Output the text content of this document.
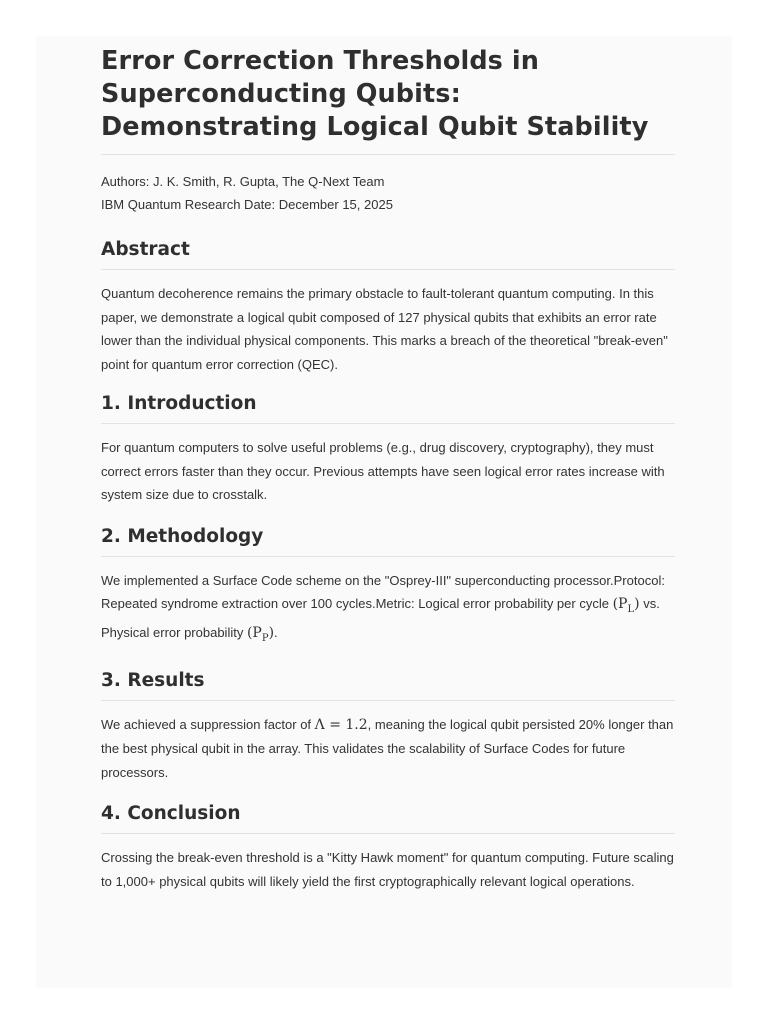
Error Correction Thresholds in Superconducting Qubits: Demonstrating Logical Qubit Stability
Authors: J. K. Smith, R. Gupta, The Q-Next Team
IBM Quantum Research Date: December 15, 2025
Abstract

Quantum decoherence remains the primary obstacle to fault-tolerant quantum computing. In this paper, we demonstrate a logical qubit composed of 127 physical qubits that exhibits an error rate lower than the individual physical components. This marks a breach of the theoretical "break-even" point for quantum error correction (QEC).

1. Introduction

For quantum computers to solve useful problems (e.g., drug discovery, cryptography), they must correct errors faster than they occur. Previous attempts have seen logical error rates increase with system size due to crosstalk.

2. Methodology

We implemented a Surface Code scheme on the "Osprey-III" superconducting processor.Protocol: Repeated syndrome extraction over 100 cycles.Metric: Logical error probability per cycle $(P_L)$ vs. Physical error probability $(P_P)$.

3. Results

We achieved a suppression factor of Λ = 1.2, meaning the logical qubit persisted 20% longer than the best physical qubit in the array. This validates the scalability of Surface Codes for future processors.

4. Conclusion

Crossing the break-even threshold is a "Kitty Hawk moment" for quantum computing. Future scaling to 1,000+ physical qubits will likely yield the first cryptographically relevant logical operations.
